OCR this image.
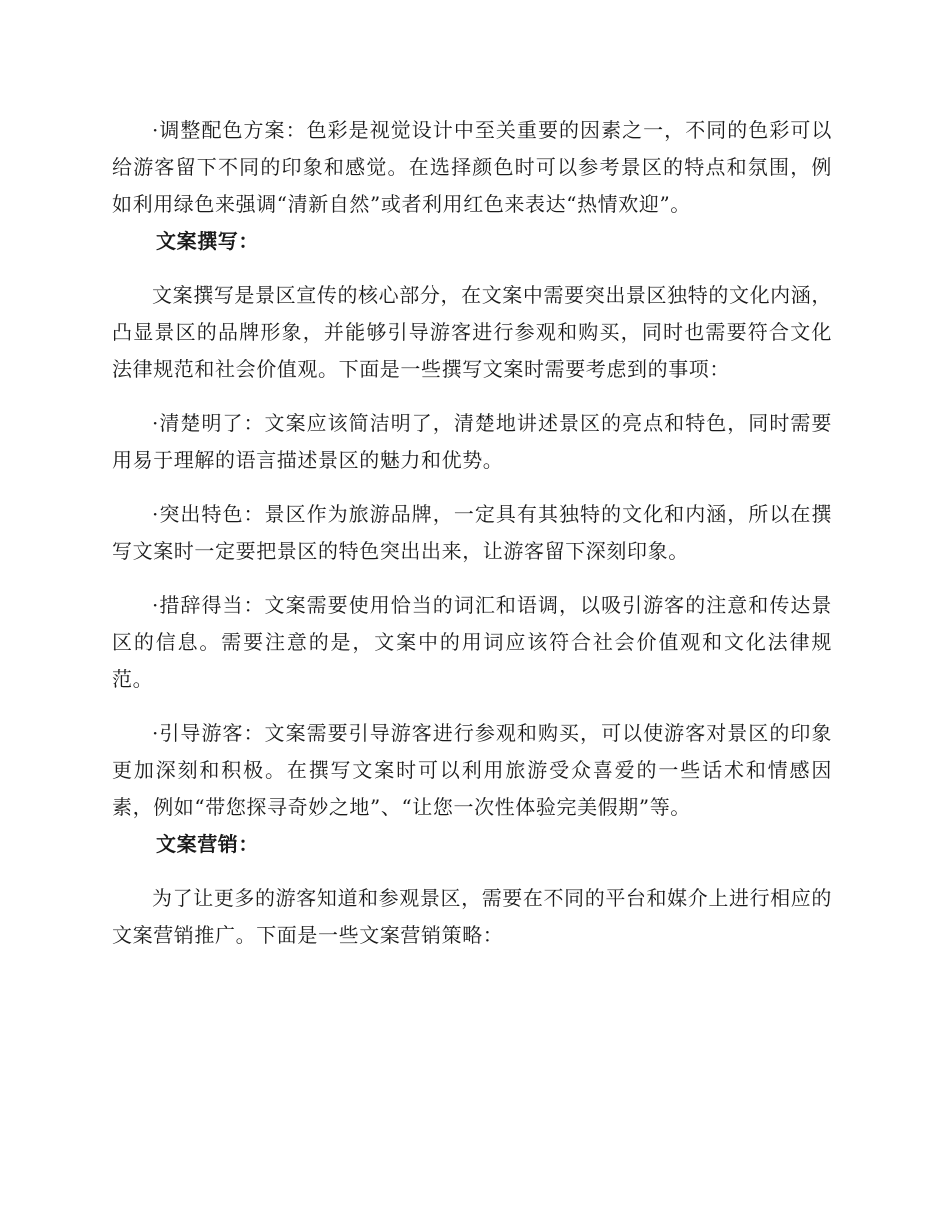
·调整配色方案：色彩是视觉设计中至关重要的因素之一，不同的色彩可以给游客留下不同的印象和感觉。在选择颜色时可以参考景区的特点和氛围，例如利用绿色来强调“清新自然”或者利用红色来表达“热情欢迎”。

文案撰写：

文案撰写是景区宣传的核心部分，在文案中需要突出景区独特的文化内涵，凸显景区的品牌形象，并能够引导游客进行参观和购买，同时也需要符合文化法律规范和社会价值观。下面是一些撰写文案时需要考虑到的事项：

·清楚明了：文案应该简洁明了，清楚地讲述景区的亮点和特色，同时需要用易于理解的语言描述景区的魅力和优势。

·突出特色：景区作为旅游品牌，一定具有其独特的文化和内涵，所以在撰写文案时一定要把景区的特色突出出来，让游客留下深刻印象。

·措辞得当：文案需要使用恰当的词汇和语调，以吸引游客的注意和传达景区的信息。需要注意的是，文案中的用词应该符合社会价值观和文化法律规范。

·引导游客：文案需要引导游客进行参观和购买，可以使游客对景区的印象更加深刻和积极。在撰写文案时可以利用旅游受众喜爱的一些话术和情感因素，例如“带您探寻奇妙之地”、“让您一次性体验完美假期”等。

文案营销：

为了让更多的游客知道和参观景区，需要在不同的平台和媒介上进行相应的文案营销推广。下面是一些文案营销策略：
